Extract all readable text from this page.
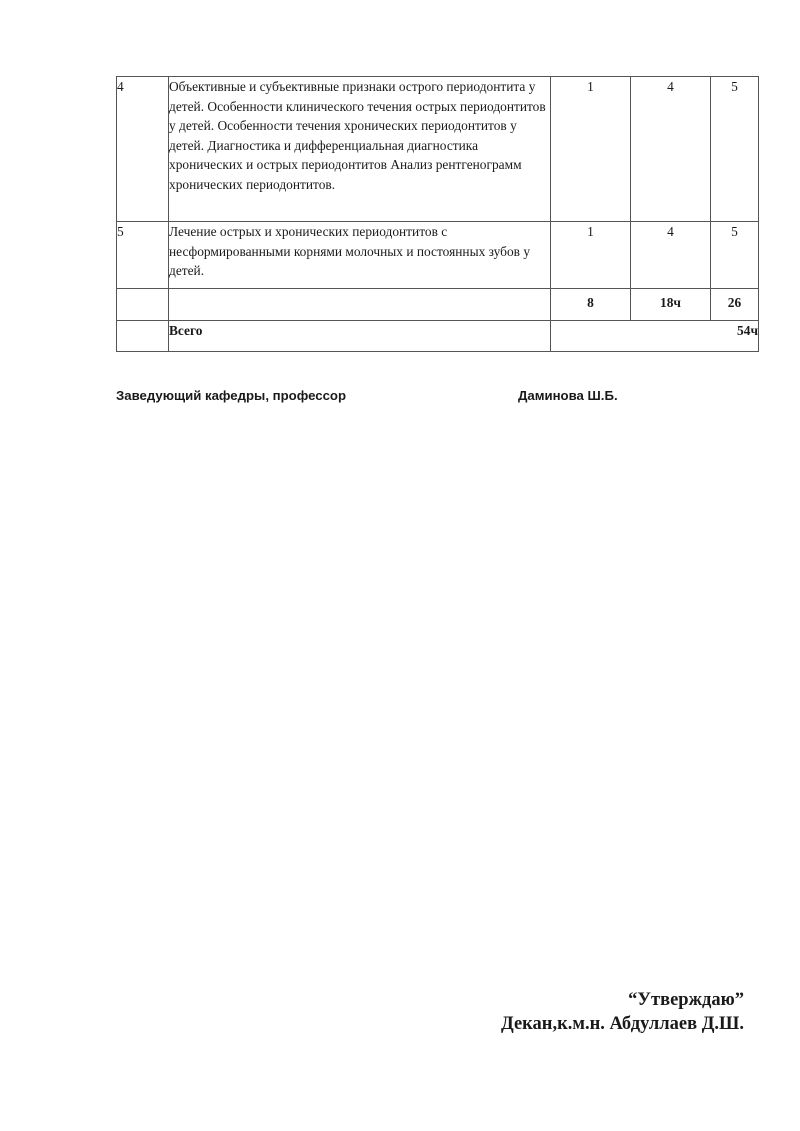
4	Объективные и субъективные признаки острого периодонтита у детей. Особенности клинического течения острых периодонтитов у детей. Особенности течения хронических периодонтитов у детей. Диагностика и дифференциальная диагностика хронических и острых периодонтитов Анализ рентгенограмм хронических периодонтитов.	1	4	5
5	Лечение острых и хронических периодонтитов с несформированными корнями молочных и постоянных зубов у детей.	1	4	5
		8	18ч	26
	Всего	54ч		
Заведующий кафедры, профессор	Даминова Ш.Б.
“Утверждаю”
Декан,к.м.н. Абдуллаев Д.Ш.
